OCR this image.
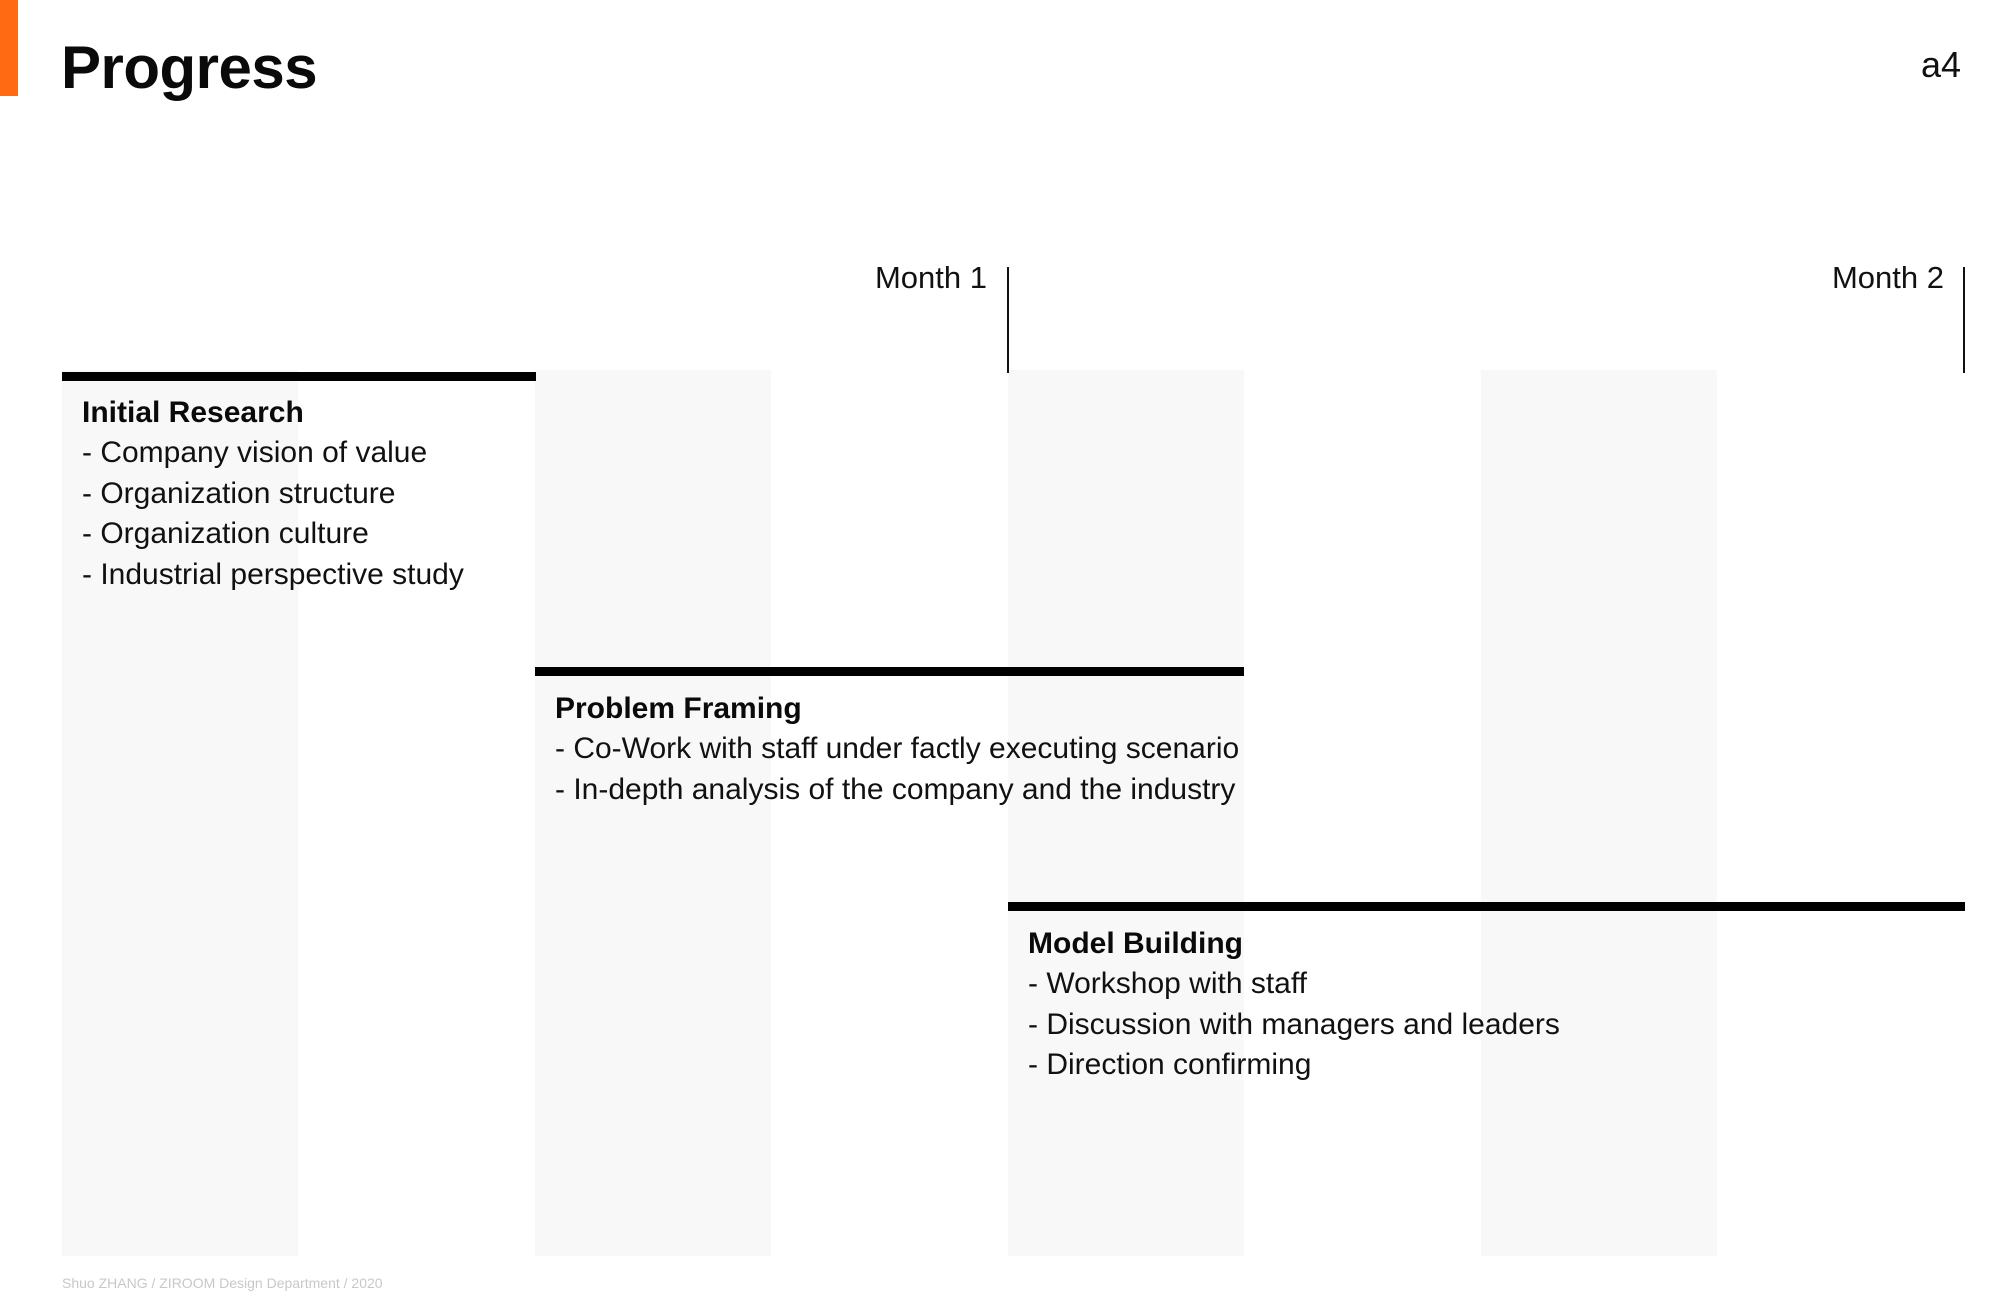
Progress	a4
Month 1	Month 2
Initial Research
- Company vision of value
- Organization structure
- Organization culture
- Industrial perspective study
Problem Framing
- Co-Work with staff under factly executing scenario
- In-depth analysis of the company and the industry
Model Building
- Workshop with staff
- Discussion with managers and leaders
- Direction confirming
Shuo ZHANG / ZIROOM Design Department / 2020
